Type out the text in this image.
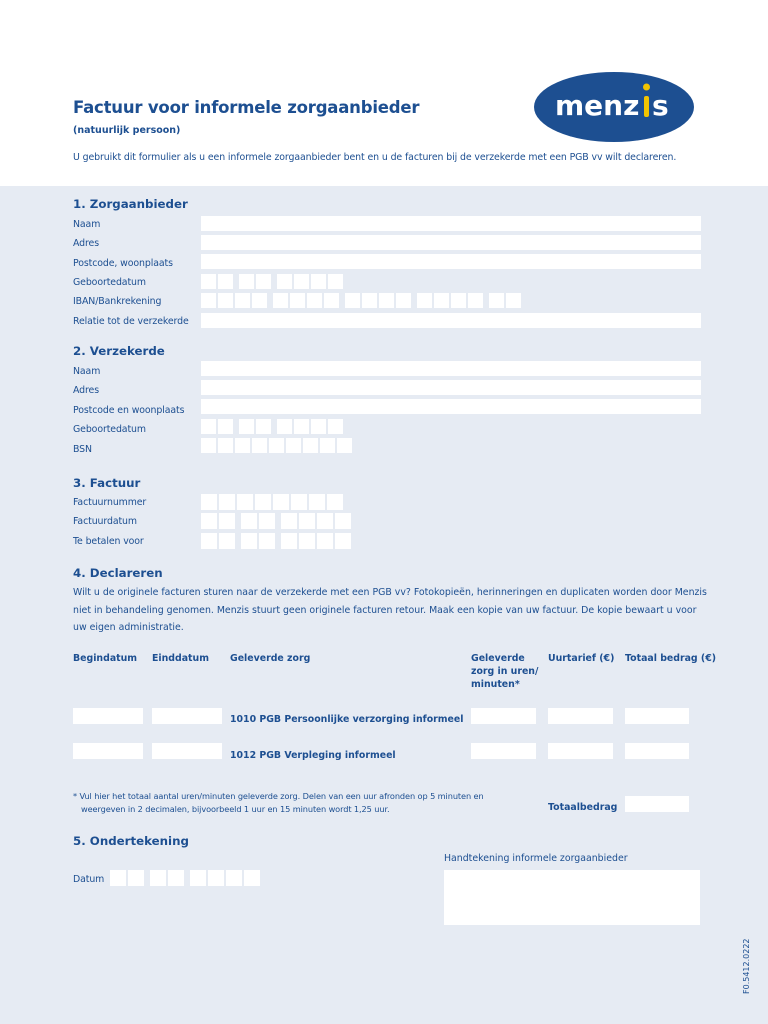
Factuur voor informele zorgaanbieder
(natuurlijk persoon)
U gebruikt dit formulier als u een informele zorgaanbieder bent en u de facturen bij de verzekerde met een PGB vv wilt declareren.
menz s
1. Zorgaanbieder
Naam
Adres
Postcode, woonplaats
Geboortedatum
IBAN/Bankrekening
Relatie tot de verzekerde
2. Verzekerde
Naam
Adres
Postcode en woonplaats
Geboortedatum
BSN
3. Factuur
Factuurnummer
Factuurdatum
Te betalen voor
4. Declareren
Wilt u de originele facturen sturen naar de verzekerde met een PGB vv? Fotokopieën, herinneringen en duplicaten worden door Menzis niet in behandeling genomen. Menzis stuurt geen originele facturen retour. Maak een kopie van uw factuur. De kopie bewaart u voor uw eigen administratie.
Begindatum Einddatum Geleverde zorg	Geleverde
zorg in uren/
minuten*
Uurtarief (€) Totaal bedrag (€)
1010 PGB Persoonlijke verzorging informeel
1012 PGB Verpleging informeel
* Vul hier het totaal aantal uren/minuten geleverde zorg. Delen van een uur afronden op 5 minuten en
weergeven in 2 decimalen, bijvoorbeeld 1 uur en 15 minuten wordt 1,25 uur.	Totaalbedrag
5. Ondertekening
Datum
Handtekening informele zorgaanbieder
F0.5412.0222
